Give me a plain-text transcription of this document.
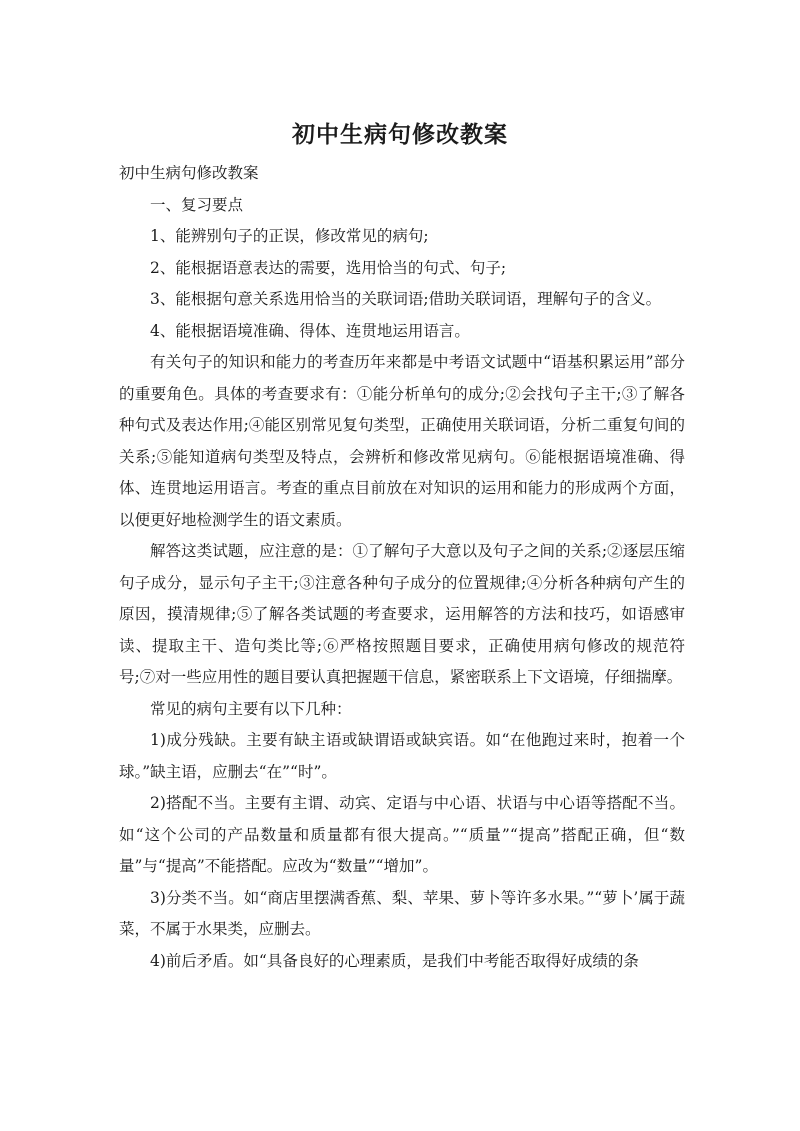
初中生病句修改教案

初中生病句修改教案

一、复习要点

1、能辨别句子的正误，修改常见的病句;

2、能根据语意表达的需要，选用恰当的句式、句子;

3、能根据句意关系选用恰当的关联词语;借助关联词语，理解句子的含义。

4、能根据语境准确、得体、连贯地运用语言。

有关句子的知识和能力的考查历年来都是中考语文试题中“语基积累运用”部分的重要角色。具体的考查要求有：①能分析单句的成分;②会找句子主干;③了解各种句式及表达作用;④能区别常见复句类型，正确使用关联词语，分析二重复句间的关系;⑤能知道病句类型及特点，会辨析和修改常见病句。⑥能根据语境准确、得体、连贯地运用语言。考查的重点目前放在对知识的运用和能力的形成两个方面，以便更好地检测学生的语文素质。

解答这类试题，应注意的是：①了解句子大意以及句子之间的关系;②逐层压缩句子成分，显示句子主干;③注意各种句子成分的位置规律;④分析各种病句产生的原因，摸清规律;⑤了解各类试题的考查要求，运用解答的方法和技巧，如语感审读、提取主干、造句类比等;⑥严格按照题目要求，正确使用病句修改的规范符号;⑦对一些应用性的题目要认真把握题干信息，紧密联系上下文语境，仔细揣摩。

常见的病句主要有以下几种：

1)成分残缺。主要有缺主语或缺谓语或缺宾语。如“在他跑过来时，抱着一个球。”缺主语，应删去“在”“时”。

2)搭配不当。主要有主谓、动宾、定语与中心语、状语与中心语等搭配不当。如“这个公司的产品数量和质量都有很大提高。”“质量”“提高”搭配正确，但“数量”与“提高”不能搭配。应改为“数量”“增加”。

3)分类不当。如“商店里摆满香蕉、梨、苹果、萝卜等许多水果。”“萝卜’属于蔬菜，不属于水果类，应删去。

4)前后矛盾。如“具备良好的心理素质，是我们中考能否取得好成绩的条
